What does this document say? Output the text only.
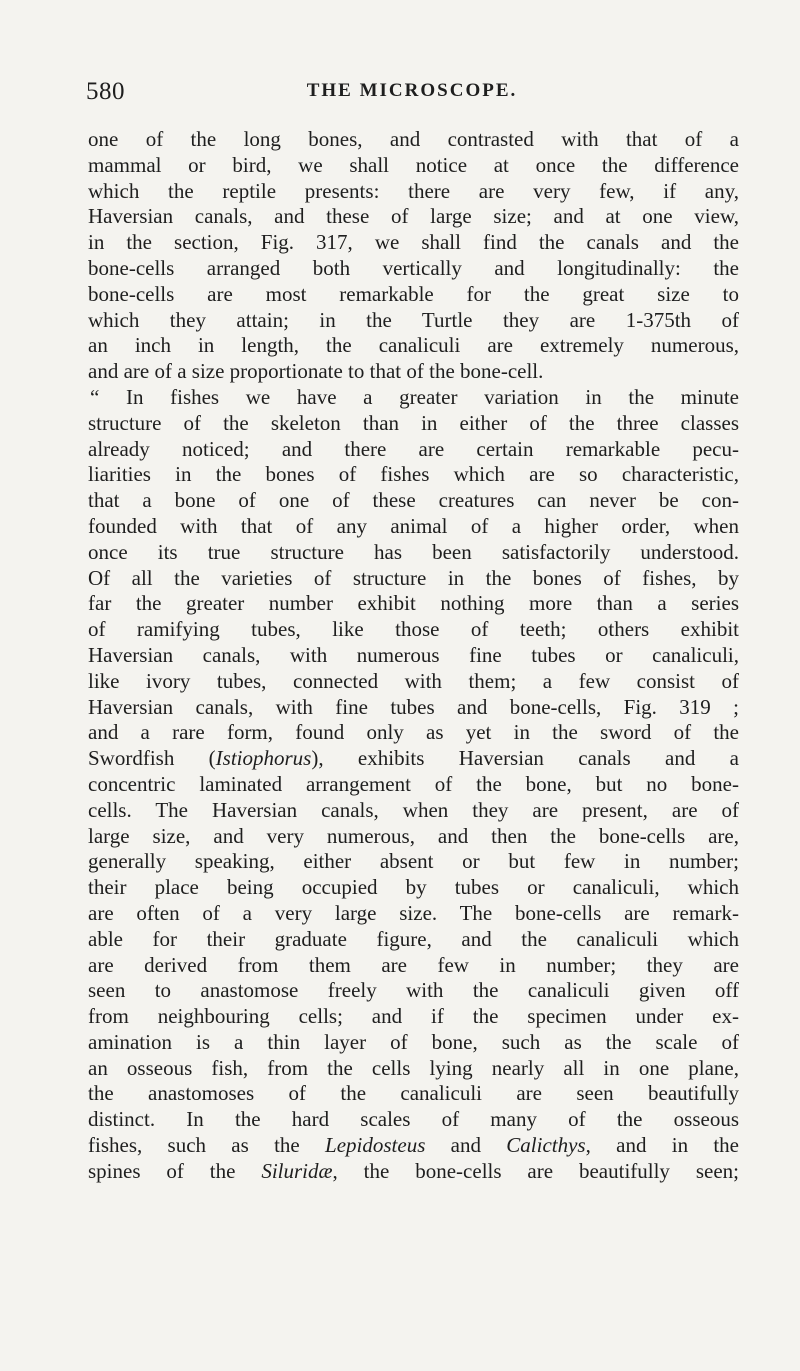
580	THE MICROSCOPE.
one of the long bones, and contrasted with that of a
mammal or bird, we shall notice at once the difference
which the reptile presents: there are very few, if any,
Haversian canals, and these of large size; and at one view,
in the section, Fig. 317, we shall find the canals and the
bone-cells arranged both vertically and longitudinally: the
bone-cells are most remarkable for the great size to
which they attain; in the Turtle they are 1-375th of
an inch in length, the canaliculi are extremely numerous,
and are of a size proportionate to that of the bone-cell.
“ In fishes we have a greater variation in the minute
structure of the skeleton than in either of the three classes
already noticed; and there are certain remarkable pecu-
liarities in the bones of fishes which are so characteristic,
that a bone of one of these creatures can never be con-
founded with that of any animal of a higher order, when
once its true structure has been satisfactorily understood.
Of all the varieties of structure in the bones of fishes, by
far the greater number exhibit nothing more than a series
of ramifying tubes, like those of teeth; others exhibit
Haversian canals, with numerous fine tubes or canaliculi,
like ivory tubes, connected with them; a few consist of
Haversian canals, with fine tubes and bone-cells, Fig. 319 ;
and a rare form, found only as yet in the sword of the
Swordfish (Istiophorus), exhibits Haversian canals and a
concentric laminated arrangement of the bone, but no bone-
cells. The Haversian canals, when they are present, are of
large size, and very numerous, and then the bone-cells are,
generally speaking, either absent or but few in number;
their place being occupied by tubes or canaliculi, which
are often of a very large size. The bone-cells are remark-
able for their graduate figure, and the canaliculi which
are derived from them are few in number; they are
seen to anastomose freely with the canaliculi given off
from neighbouring cells; and if the specimen under ex-
amination is a thin layer of bone, such as the scale of
an osseous fish, from the cells lying nearly all in one plane,
the anastomoses of the canaliculi are seen beautifully
distinct. In the hard scales of many of the osseous
fishes, such as the Lepidosteus and Calicthys, and in the
spines of the Siluridæ, the bone-cells are beautifully seen;
